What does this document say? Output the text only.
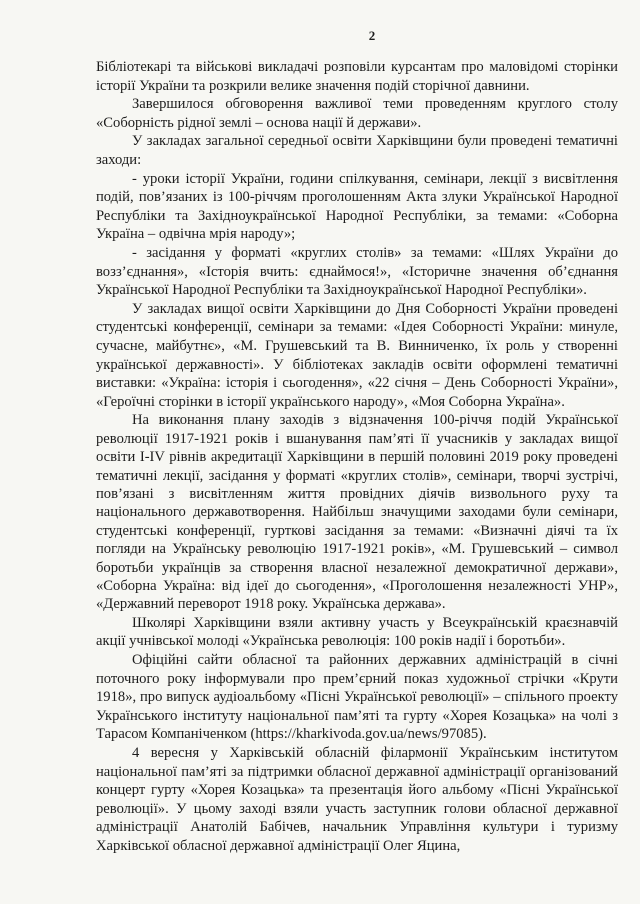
2

Бібліотекарі та військові викладачі розповіли курсантам про маловідомі сторінки історії України та розкрили велике значення подій сторічної давнини.

Завершилося обговорення важливої теми проведенням круглого столу «Соборність рідної землі – основа нації й держави».

У закладах загальної середньої освіти Харківщини були проведені тематичні заходи:

- уроки історії України, години спілкування, семінари, лекції з висвітлення подій, пов’язаних із 100-річчям проголошенням Акта злуки Української Народної Республіки та Західноукраїнської Народної Республіки, за темами: «Соборна Україна – одвічна мрія народу»;

- засідання у форматі «круглих столів» за темами: «Шлях України до возз’єднання», «Історія вчить: єднаймося!», «Історичне значення об’єднання Української Народної Республіки та Західноукраїнської Народної Республіки».

У закладах вищої освіти Харківщини до Дня Соборності України проведені студентські конференції, семінари за темами: «Ідея Соборності України: минуле, сучасне, майбутнє», «М. Грушевський та В. Винниченко, їх роль у створенні української державності». У бібліотеках закладів освіти оформлені тематичні виставки: «Україна: історія і сьогодення», «22 січня – День Соборності України», «Героїчні сторінки в історії українського народу», «Моя Соборна Україна».

На виконання плану заходів з відзначення 100-річчя подій Української революції 1917-1921 років і вшанування пам’яті її учасників у закладах вищої освіти І-ІV рівнів акредитації Харківщини в першій половині 2019 року проведені тематичні лекції, засідання у форматі «круглих столів», семінари, творчі зустрічі, пов’язані з висвітленням життя провідних діячів визвольного руху та національного державотворення. Найбільш значущими заходами були семінари, студентські конференції, гурткові засідання за темами: «Визначні діячі та їх погляди на Українську революцію 1917-1921 років», «М. Грушевський – символ боротьби українців за створення власної незалежної демократичної держави», «Соборна Україна: від ідеї до сьогодення», «Проголошення незалежності УНР», «Державний переворот 1918 року. Українська держава».

Школярі Харківщини взяли активну участь у Всеукраїнській краєзнавчій акції учнівської молоді «Українська революція: 100 років надії і боротьби».

Офіційні сайти обласної та районних державних адміністрацій в січні поточного року інформували про прем’єрний показ художньої стрічки «Крути 1918», про випуск аудіоальбому «Пісні Української революції» – спільного проекту Українського інституту національної пам’яті та гурту «Хорея Козацька» на чолі з Тарасом Компаніченком (https://kharkivoda.gov.ua/news/97085).

4 вересня у Харківській обласній філармонії Українським інститутом національної пам’яті за підтримки обласної державної адміністрації організований концерт гурту «Хорея Козацька» та презентація його альбому «Пісні Української революції». У цьому заході взяли участь заступник голови обласної державної адміністрації Анатолій Бабічев, начальник Управління культури і туризму Харківської обласної державної адміністрації Олег Яцина,
